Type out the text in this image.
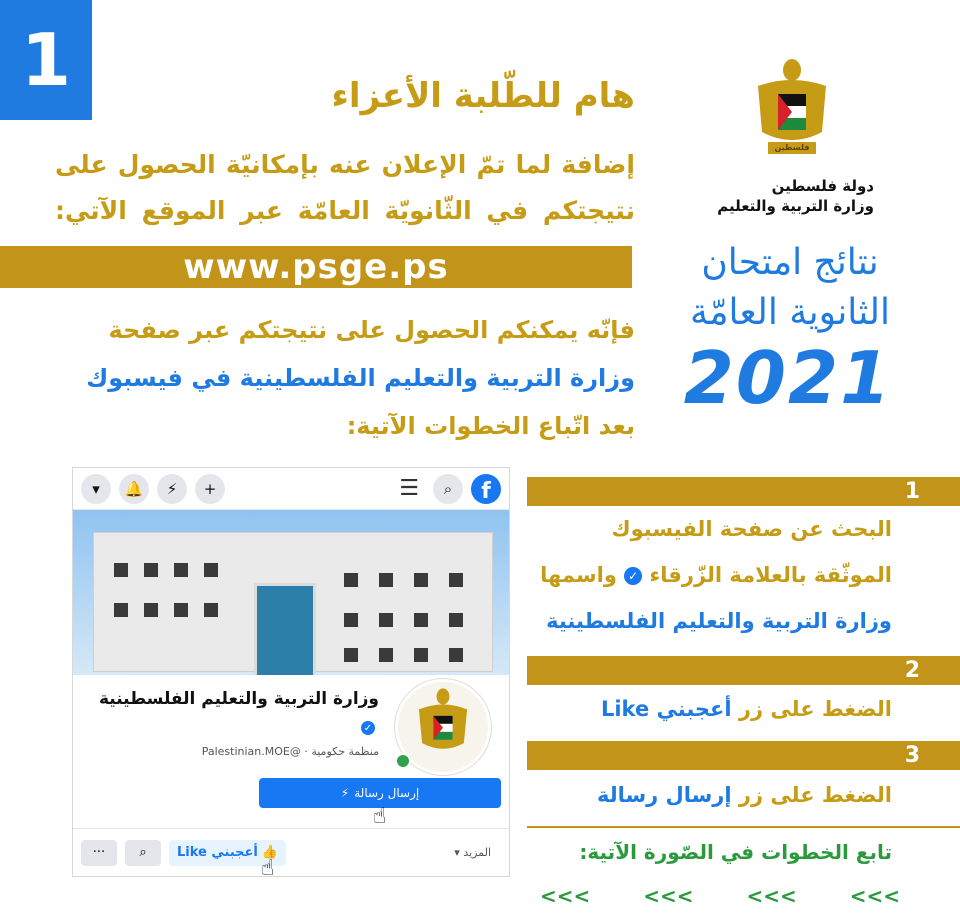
1	هام للطّلبة الأعزاء
إضافة لما تمّ الإعلان عنه بإمكانيّة الحصول على نتيجتكم في الثّانويّة العامّة عبر الموقع الآتي:
www.psge.ps
فإنّه يمكنكم الحصول على نتيجتكم عبر صفحة
وزارة التربية والتعليم الفلسطينية في فيسبوك
بعد اتّباع الخطوات الآتية:
فلسطين
دولة فلسطين
وزارة التربية والتعليم
نتائج امتحان
الثانوية العامّة
2021
▾	🔔	⚡	+	☰	⌕	f
وزارة التربية والتعليم الفلسطينية
✓
منظمة حكومية · @Palestinian.MOE
إرسال رسالة
⚡
☝
···	⌕	👍
أعجبني Like	المزيد ▾
☝
1
البحث عن صفحة الفيسبوك
الموثّقة بالعلامة الزّرقاء ✓ واسمها
وزارة التربية والتعليم الفلسطينية
2
الضغط على زر أعجبني Like
3
الضغط على زر إرسال رسالة
تابع الخطوات في الصّورة الآتية:
<<<	<<<	<<<	<<<
